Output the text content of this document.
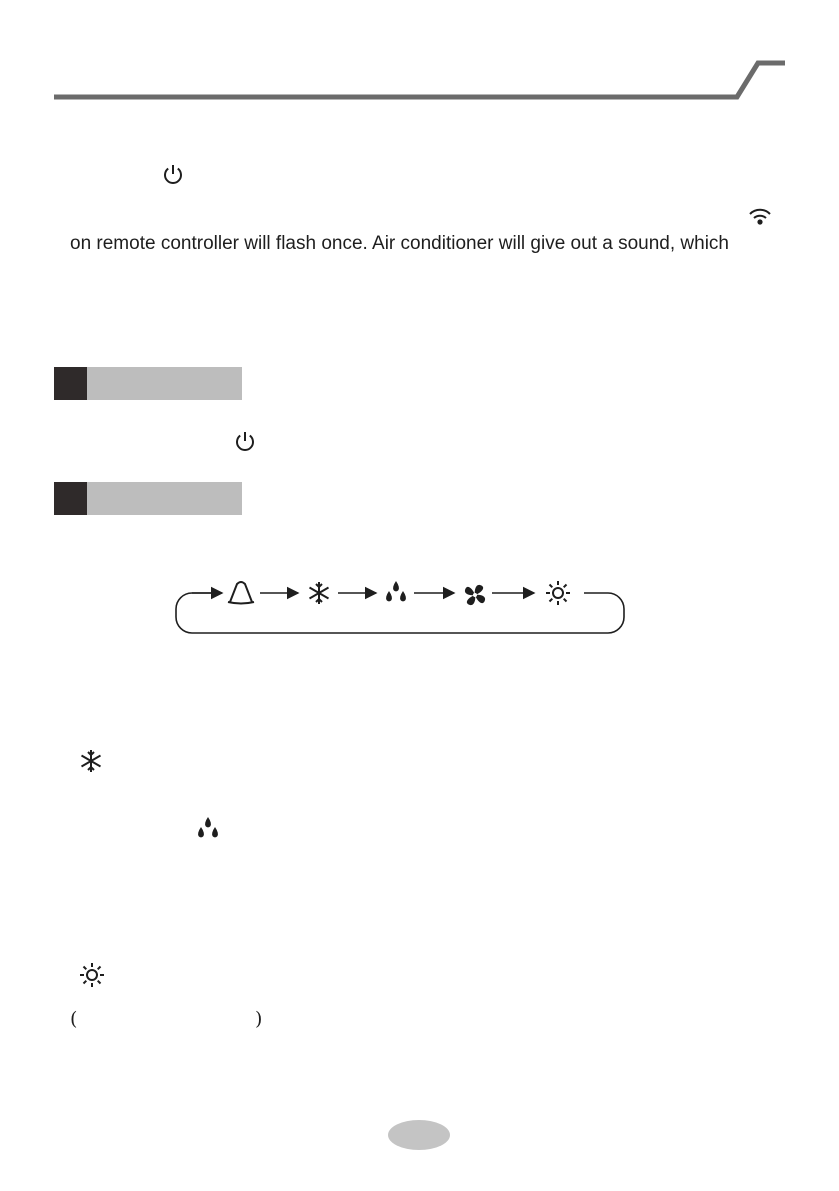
on remote controller will flash once. Air conditioner will give out a sound, which
(	)
